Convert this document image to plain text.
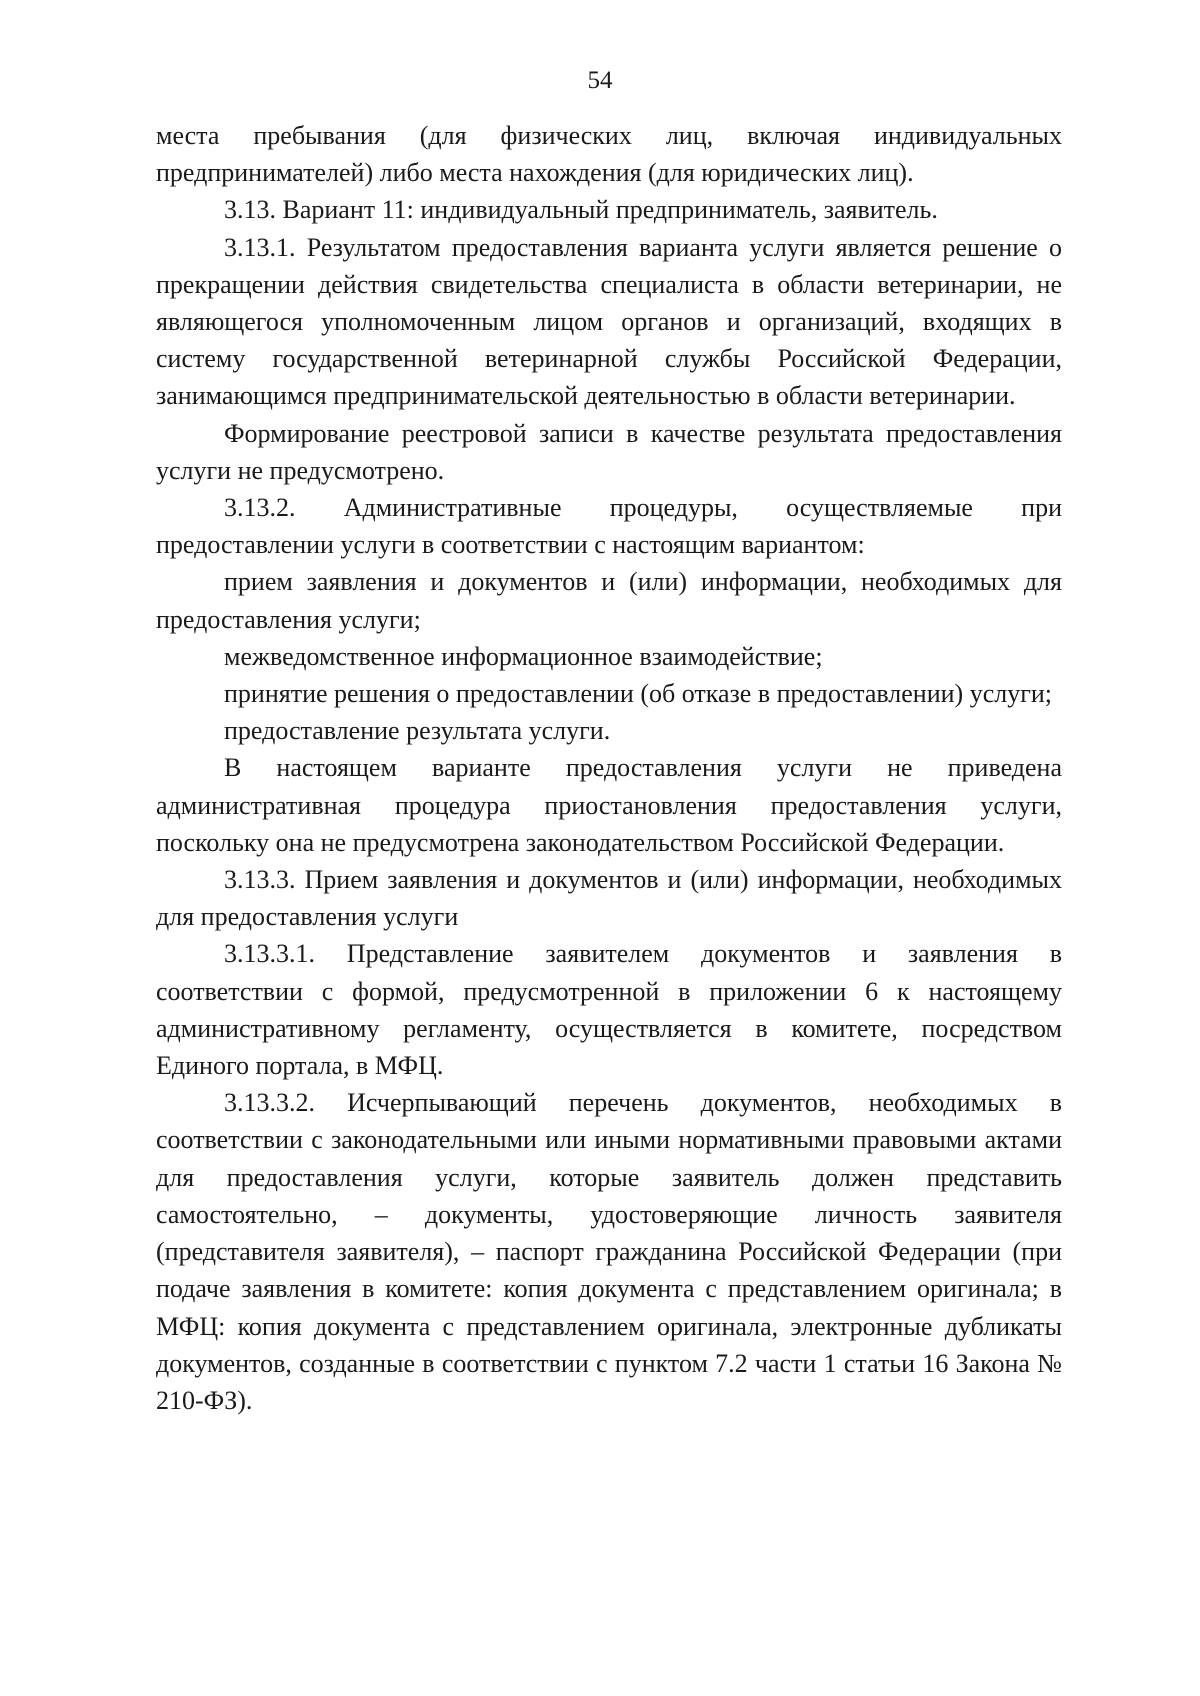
54

места пребывания (для физических лиц, включая индивидуальных предпринимателей) либо места нахождения (для юридических лиц).

3.13. Вариант 11: индивидуальный предприниматель, заявитель.

3.13.1. Результатом предоставления варианта услуги является решение о прекращении действия свидетельства специалиста в области ветеринарии, не являющегося уполномоченным лицом органов и организаций, входящих в систему государственной ветеринарной службы Российской Федерации, занимающимся предпринимательской деятельностью в области ветеринарии.

Формирование реестровой записи в качестве результата предоставления услуги не предусмотрено.

3.13.2. Административные процедуры, осуществляемые при предоставлении услуги в соответствии с настоящим вариантом:

прием заявления и документов и (или) информации, необходимых для предоставления услуги;

межведомственное информационное взаимодействие;

принятие решения о предоставлении (об отказе в предоставлении) услуги;

предоставление результата услуги.

В настоящем варианте предоставления услуги не приведена административная процедура приостановления предоставления услуги, поскольку она не предусмотрена законодательством Российской Федерации.

3.13.3. Прием заявления и документов и (или) информации, необходимых для предоставления услуги

3.13.3.1. Представление заявителем документов и заявления в соответствии с формой, предусмотренной в приложении 6 к настоящему административному регламенту, осуществляется в комитете, посредством Единого портала, в МФЦ.

3.13.3.2. Исчерпывающий перечень документов, необходимых в соответствии с законодательными или иными нормативными правовыми актами для предоставления услуги, которые заявитель должен представить самостоятельно, – документы, удостоверяющие личность заявителя (представителя заявителя), – паспорт гражданина Российской Федерации (при подаче заявления в комитете: копия документа с представлением оригинала; в МФЦ: копия документа с представлением оригинала, электронные дубликаты документов, созданные в соответствии с пунктом 7.2 части 1 статьи 16 Закона № 210-ФЗ).
